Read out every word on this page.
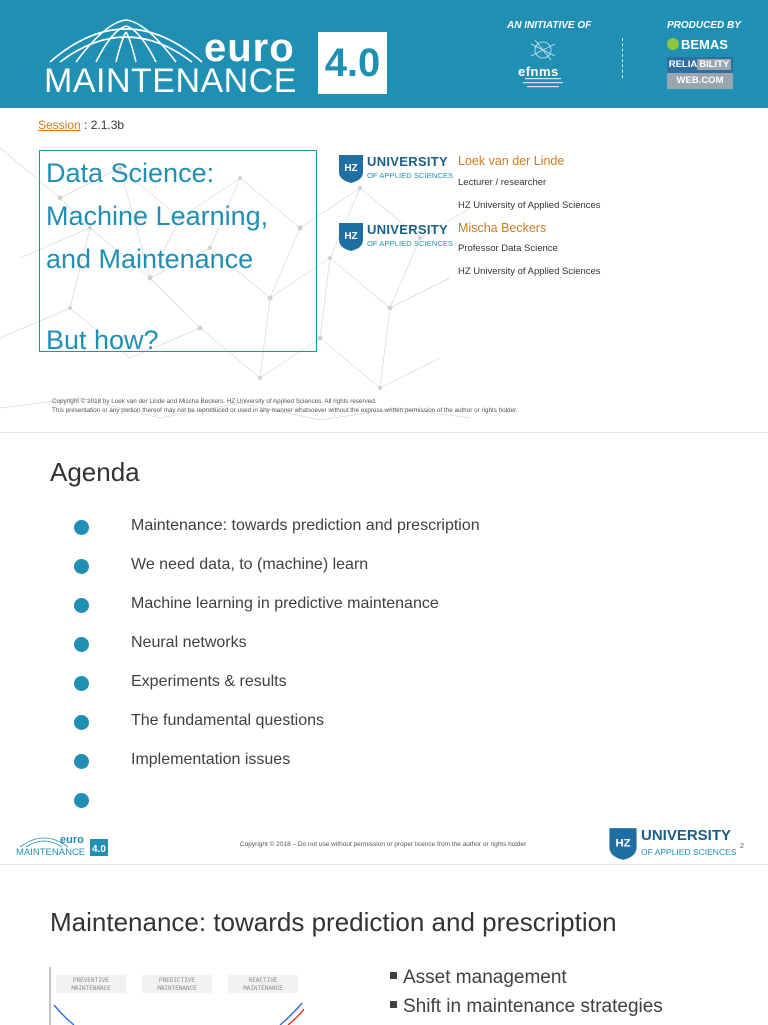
euro
MAINTENANCE 4.0
AN INITIATIVE OF
efnms
PRODUCED BY
BEMAS
RELIA BILITY
WEB.COM
Session : 2.1.3b
Data Science:
Machine Learning,
and Maintenance
But how?
HZ UNIVERSITY
OF APPLIED SCIENCES
HZ UNIVERSITY
OF APPLIED SCIENCES
Loek van der Linde
Lecturer / researcher
HZ University of Applied Sciences
Mischa Beckers
Professor Data Science
HZ University of Applied Sciences
Copyright © 2018 by Loek van der Linde and Mischa Beckers. HZ University of Applied Sciences. All rights reserved.
This presentation or any portion thereof may not be reproduced or used in any manner whatsoever without the express written permission of the author or rights holder.
Agenda
Maintenance: towards prediction and prescription
We need data, to (machine) learn
Machine learning in predictive maintenance
Neural networks
Experiments & results
The fundamental questions
Implementation issues
euro
MAINTENANCE 4.0	Copyright © 2018 – Do not use without permission or proper licence from the author or rights holder	HZ UNIVERSITY
OF APPLIED SCIENCES
2
Maintenance: towards prediction and prescription
PREVENTIVE
MAINTENANCE
PREDICTIVE
MAINTENANCE
REACTIVE
MAINTENANCE
Asset management
Shift in maintenance strategies
